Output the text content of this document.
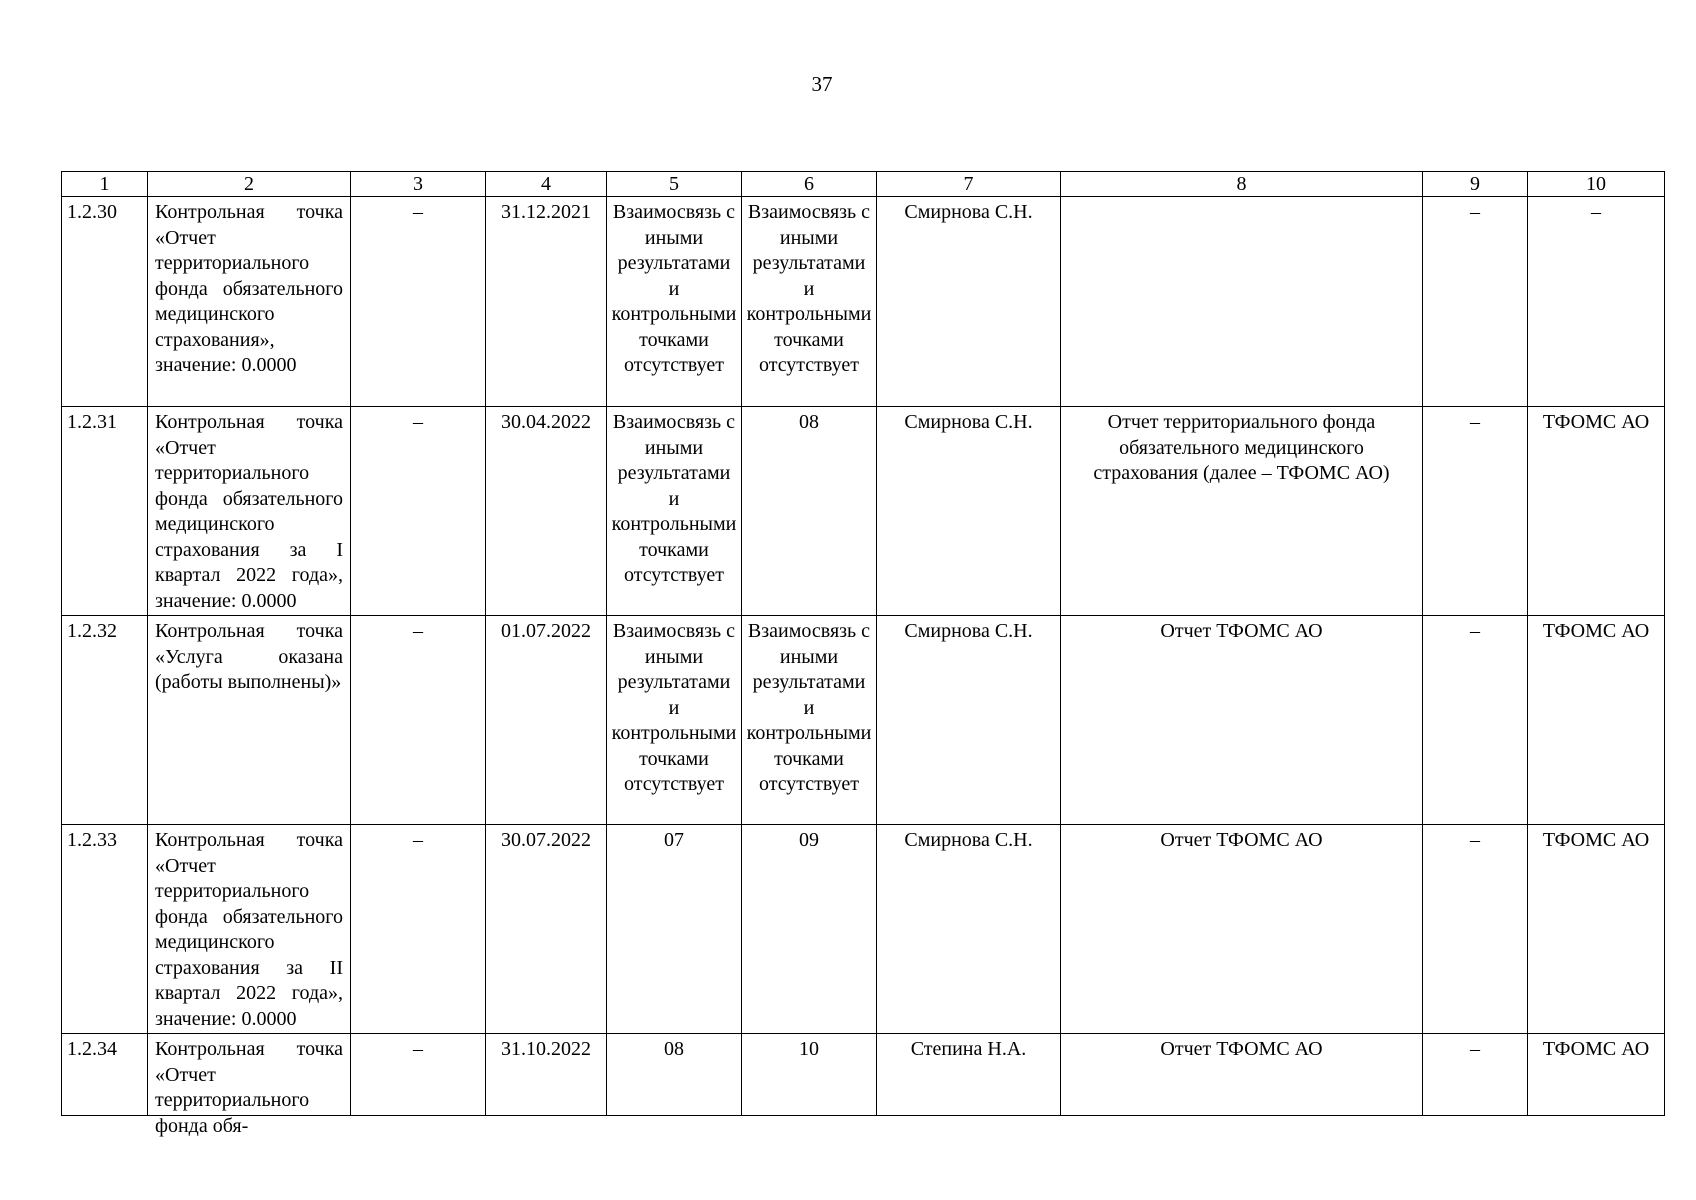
37
1	2	3	4	5	6	7	8	9	10
1.2.30	Контрольная точка «Отчет территориального фонда обязательного медицинского страхования», значение: 0.0000	–	31.12.2021	Взаимосвязь с иными результатами и контрольными точками отсутствует	Взаимосвязь с иными результатами и контрольными точками отсутствует	Смирнова С.Н.		–	–
1.2.31	Контрольная точка «Отчет территориального фонда обязательного медицинского страхования за I квартал 2022 года», значение: 0.0000	–	30.04.2022	Взаимосвязь с иными результатами и контрольными точками отсутствует	08	Смирнова С.Н.	Отчет территориального фонда обязательного медицинского страхования (далее – ТФОМС АО)	–	ТФОМС АО
1.2.32	Контрольная точка «Услуга оказана (работы выполнены)»	–	01.07.2022	Взаимосвязь с иными результатами и контрольными точками отсутствует	Взаимосвязь с иными результатами и контрольными точками отсутствует	Смирнова С.Н.	Отчет ТФОМС АО	–	ТФОМС АО
1.2.33	Контрольная точка «Отчет территориального фонда обязательного медицинского страхования за II квартал 2022 года», значение: 0.0000	–	30.07.2022	07	09	Смирнова С.Н.	Отчет ТФОМС АО	–	ТФОМС АО
1.2.34	Контрольная точка «Отчет территориального фонда обя-	–	31.10.2022	08	10	Степина Н.А.	Отчет ТФОМС АО	–	ТФОМС АО
